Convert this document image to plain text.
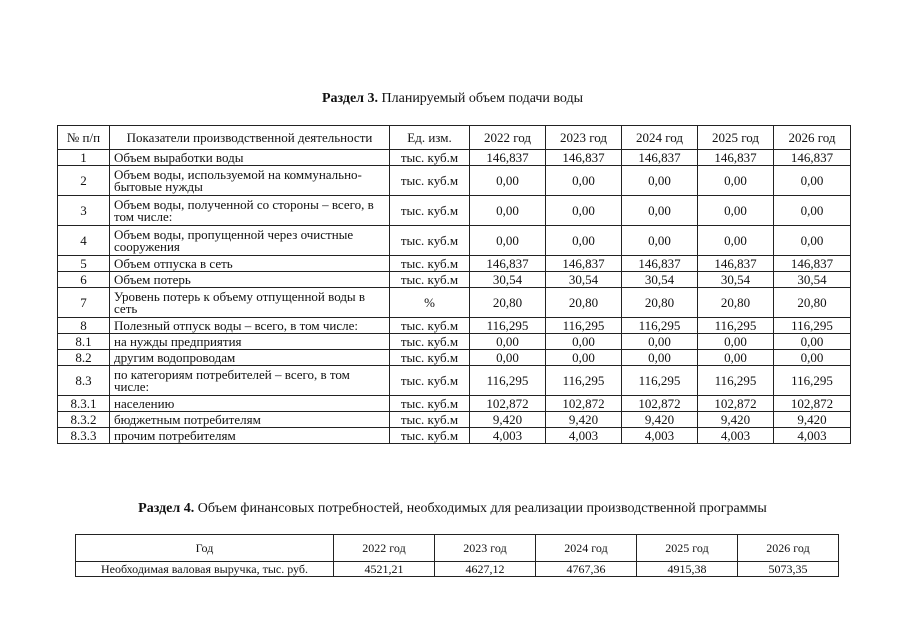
Раздел 3. Планируемый объем подачи воды
№ п/п	Показатели производственной деятельности	Ед. изм.	2022 год	2023 год	2024 год	2025 год	2026 год
1	Объем выработки воды	тыс. куб.м	146,837	146,837	146,837	146,837	146,837
2	Объем воды, используемой на коммунально-бытовые нужды	тыс. куб.м	0,00	0,00	0,00	0,00	0,00
3	Объем воды, полученной со стороны – всего, в том числе:	тыс. куб.м	0,00	0,00	0,00	0,00	0,00
4	Объем воды, пропущенной через очистные сооружения	тыс. куб.м	0,00	0,00	0,00	0,00	0,00
5	Объем отпуска в сеть	тыс. куб.м	146,837	146,837	146,837	146,837	146,837
6	Объем потерь	тыс. куб.м	30,54	30,54	30,54	30,54	30,54
7	Уровень потерь к объему отпущенной воды в сеть	%	20,80	20,80	20,80	20,80	20,80
8	Полезный отпуск воды – всего, в том числе:	тыс. куб.м	116,295	116,295	116,295	116,295	116,295
8.1	на нужды предприятия	тыс. куб.м	0,00	0,00	0,00	0,00	0,00
8.2	другим водопроводам	тыс. куб.м	0,00	0,00	0,00	0,00	0,00
8.3	по категориям потребителей – всего, в том числе:	тыс. куб.м	116,295	116,295	116,295	116,295	116,295
8.3.1	населению	тыс. куб.м	102,872	102,872	102,872	102,872	102,872
8.3.2	бюджетным потребителям	тыс. куб.м	9,420	9,420	9,420	9,420	9,420
8.3.3	прочим потребителям	тыс. куб.м	4,003	4,003	4,003	4,003	4,003
Раздел 4. Объем финансовых потребностей, необходимых для реализации производственной программы
Год	2022 год	2023 год	2024 год	2025 год	2026 год
Необходимая валовая выручка, тыс. руб.	4521,21	4627,12	4767,36	4915,38	5073,35
